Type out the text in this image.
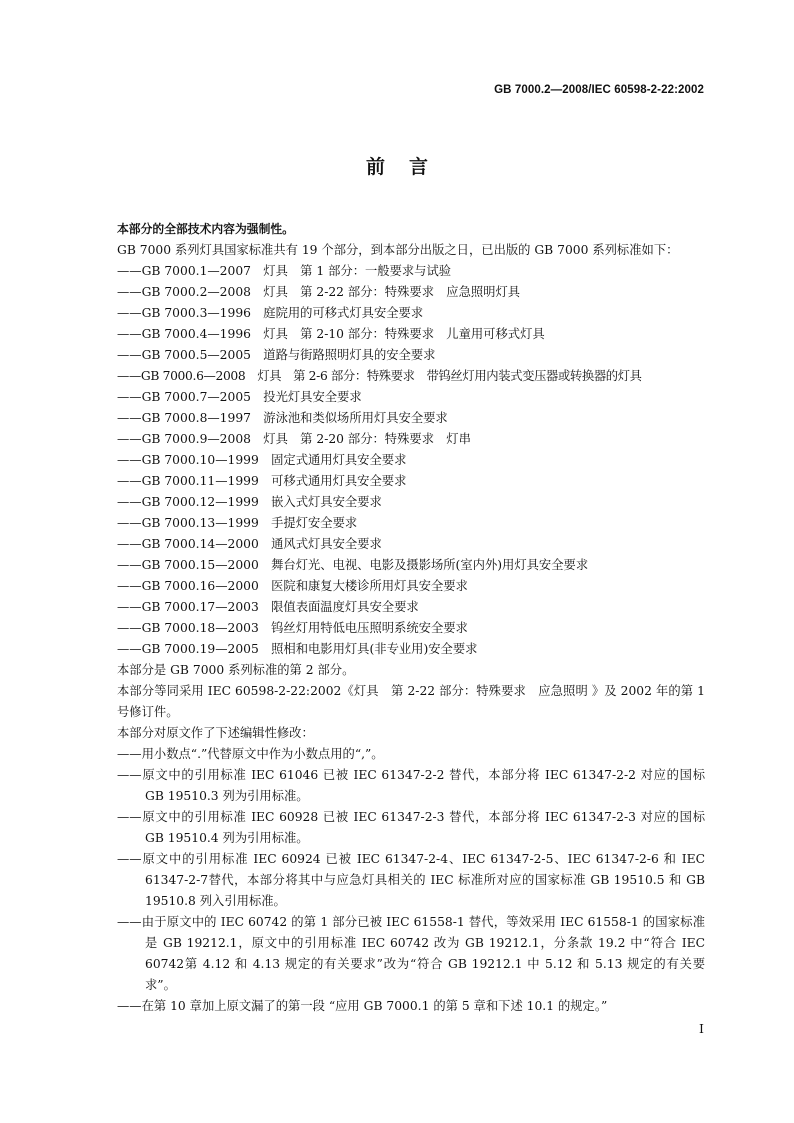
GB 7000.2—2008/IEC 60598-2-22:2002
前言

本部分的全部技术内容为强制性。

GB 7000 系列灯具国家标准共有 19 个部分，到本部分出版之日，已出版的 GB 7000 系列标准如下：

——GB 7000.1—2007　灯具　第 1 部分：一般要求与试验

——GB 7000.2—2008　灯具　第 2-22 部分：特殊要求　应急照明灯具

——GB 7000.3—1996　庭院用的可移式灯具安全要求

——GB 7000.4—1996　灯具　第 2-10 部分：特殊要求　儿童用可移式灯具

——GB 7000.5—2005　道路与街路照明灯具的安全要求

——GB 7000.6—2008　灯具　第 2-6 部分：特殊要求　带钨丝灯用内装式变压器或转换器的灯具

——GB 7000.7—2005　投光灯具安全要求

——GB 7000.8—1997　游泳池和类似场所用灯具安全要求

——GB 7000.9—2008　灯具　第 2-20 部分：特殊要求　灯串

——GB 7000.10—1999　固定式通用灯具安全要求

——GB 7000.11—1999　可移式通用灯具安全要求

——GB 7000.12—1999　嵌入式灯具安全要求

——GB 7000.13—1999　手提灯安全要求

——GB 7000.14—2000　通风式灯具安全要求

——GB 7000.15—2000　舞台灯光、电视、电影及摄影场所(室内外)用灯具安全要求

——GB 7000.16—2000　医院和康复大楼诊所用灯具安全要求

——GB 7000.17—2003　限值表面温度灯具安全要求

——GB 7000.18—2003　钨丝灯用特低电压照明系统安全要求

——GB 7000.19—2005　照相和电影用灯具(非专业用)安全要求

本部分是 GB 7000 系列标准的第 2 部分。

本部分等同采用 IEC 60598-2-22:2002《灯具　第 2-22 部分：特殊要求　应急照明 》及 2002 年的第 1 号修订件。

本部分对原文作了下述编辑性修改：

——用小数点“.”代替原文中作为小数点用的“,”。

——原文中的引用标准 IEC 61046 已被 IEC 61347-2-2 替代，本部分将 IEC 61347-2-2 对应的国标 GB 19510.3 列为引用标准。

——原文中的引用标准 IEC 60928 已被 IEC 61347-2-3 替代，本部分将 IEC 61347-2-3 对应的国标 GB 19510.4 列为引用标准。

——原文中的引用标准 IEC 60924 已被 IEC 61347-2-4、IEC 61347-2-5、IEC 61347-2-6 和 IEC 61347-2-7替代，本部分将其中与应急灯具相关的 IEC 标准所对应的国家标准 GB 19510.5 和 GB 19510.8 列入引用标准。

——由于原文中的 IEC 60742 的第 1 部分已被 IEC 61558-1 替代，等效采用 IEC 61558-1 的国家标准是 GB 19212.1，原文中的引用标准 IEC 60742 改为 GB 19212.1，分条款 19.2 中“符合 IEC 60742第 4.12 和 4.13 规定的有关要求”改为“符合 GB 19212.1 中 5.12 和 5.13 规定的有关要求”。

——在第 10 章加上原文漏了的第一段 “应用 GB 7000.1 的第 5 章和下述 10.1 的规定。”

I
